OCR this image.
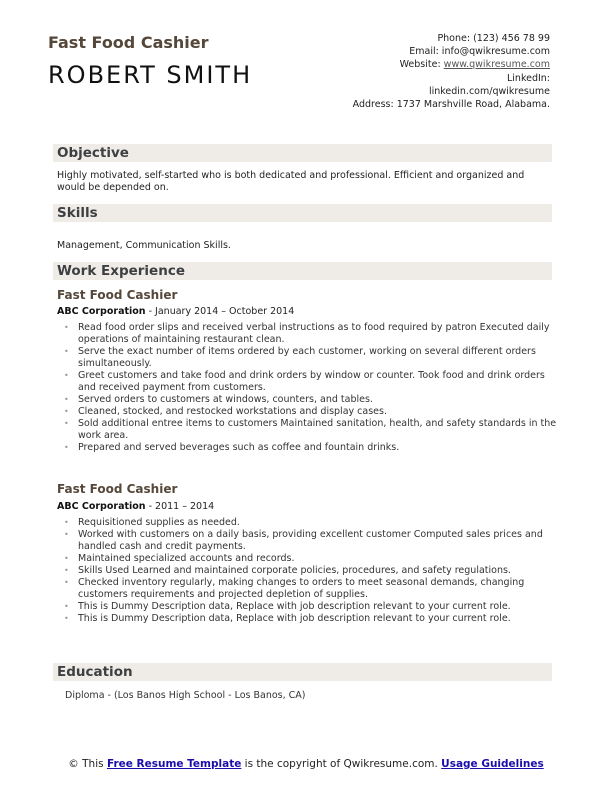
Fast Food Cashier
ROBERT SMITH
Phone: (123) 456 78 99
Email: info@qwikresume.com
Website: www.qwikresume.com
LinkedIn:
linkedin.com/qwikresume
Address: 1737 Marshville Road, Alabama.
Objective
Highly motivated, self-started who is both dedicated and professional. Efficient and organized and would be depended on.
Skills
Management, Communication Skills.
Work Experience
Fast Food Cashier
ABC Corporation - January 2014 – October 2014
• Read food order slips and received verbal instructions as to food required by patron Executed daily operations of maintaining restaurant clean.
• Serve the exact number of items ordered by each customer, working on several different orders simultaneously.
• Greet customers and take food and drink orders by window or counter. Took food and drink orders and received payment from customers.
• Served orders to customers at windows, counters, and tables.
• Cleaned, stocked, and restocked workstations and display cases.
• Sold additional entree items to customers Maintained sanitation, health, and safety standards in the work area.
• Prepared and served beverages such as coffee and fountain drinks.
Fast Food Cashier
ABC Corporation - 2011 – 2014
• Requisitioned supplies as needed.
• Worked with customers on a daily basis, providing excellent customer Computed sales prices and handled cash and credit payments.
• Maintained specialized accounts and records.
• Skills Used Learned and maintained corporate policies, procedures, and safety regulations.
• Checked inventory regularly, making changes to orders to meet seasonal demands, changing customers requirements and projected depletion of supplies.
• This is Dummy Description data, Replace with job description relevant to your current role.
• This is Dummy Description data, Replace with job description relevant to your current role.
Education
Diploma - (Los Banos High School - Los Banos, CA)
© This Free Resume Template is the copyright of Qwikresume.com. Usage Guidelines
